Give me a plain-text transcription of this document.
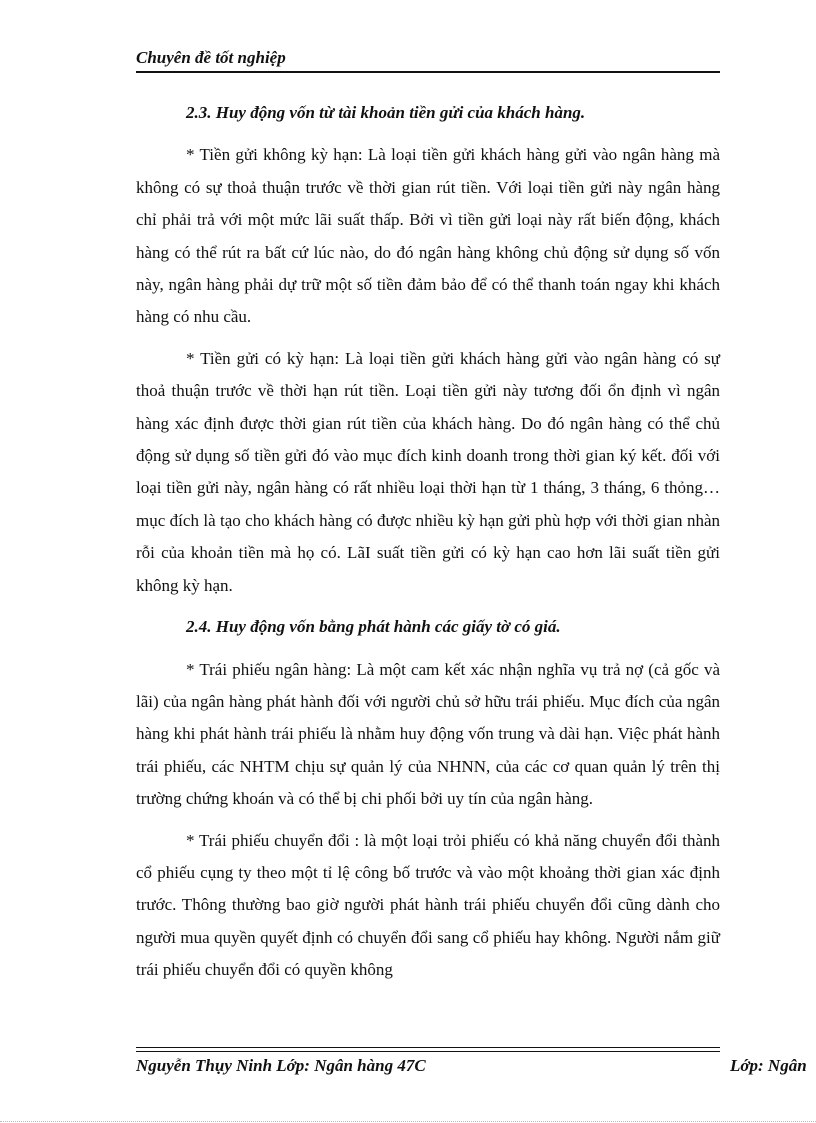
Chuyên đề tốt nghiệp
2.3. Huy động vốn từ tài khoản tiền gửi của khách hàng.

* Tiền gửi không kỳ hạn: Là loại tiền gửi khách hàng gửi vào ngân hàng mà không có sự thoả thuận trước về thời gian rút tiền. Với loại tiền gửi này ngân hàng chỉ phải trả với một mức lãi suất thấp. Bởi vì tiền gửi loại này rất biến động, khách hàng có thể rút ra bất cứ lúc nào, do đó ngân hàng không chủ động sử dụng số vốn này, ngân hàng phải dự trữ một số tiền đảm bảo để có thể thanh toán ngay khi khách hàng có nhu cầu.

* Tiền gửi có kỳ hạn: Là loại tiền gửi khách hàng gửi vào ngân hàng có sự thoả thuận trước về thời hạn rút tiền. Loại tiền gửi này tương đối ổn định vì ngân hàng xác định được thời gian rút tiền của khách hàng. Do đó ngân hàng có thể chủ động sử dụng số tiền gửi đó vào mục đích kinh doanh trong thời gian ký kết. đối với loại tiền gửi này, ngân hàng có rất nhiều loại thời hạn từ 1 tháng, 3 tháng, 6 thỏng… mục đích là tạo cho khách hàng có được nhiều kỳ hạn gửi phù hợp với thời gian nhàn rỗi của khoản tiền mà họ có. LãI suất tiền gửi có kỳ hạn cao hơn lãi suất tiền gửi không kỳ hạn.

2.4. Huy động vốn bằng phát hành các giấy tờ có giá.

* Trái phiếu ngân hàng: Là một cam kết xác nhận nghĩa vụ trả nợ (cả gốc và lãi) của ngân hàng phát hành đối với người chủ sở hữu trái phiếu. Mục đích của ngân hàng khi phát hành trái phiếu là nhằm huy động vốn trung và dài hạn. Việc phát hành trái phiếu, các NHTM chịu sự quản lý của NHNN, của các cơ quan quản lý trên thị trường chứng khoán và có thể bị chi phối bởi uy tín của ngân hàng.

* Trái phiếu chuyển đổi : là một loại trỏi phiếu có khả năng chuyển đổi thành cổ phiếu cụng ty theo một tỉ lệ công bố trước và vào một khoảng thời gian xác định trước. Thông thường bao giờ người phát hành trái phiếu chuyển đổi cũng dành cho người mua quyền quyết định có chuyển đổi sang cổ phiếu hay không. Người nắm giữ trái phiếu chuyển đổi có quyền không

Nguyễn Thụy Ninh Lớp: Ngân hàng 47C	Lớp: Ngân
